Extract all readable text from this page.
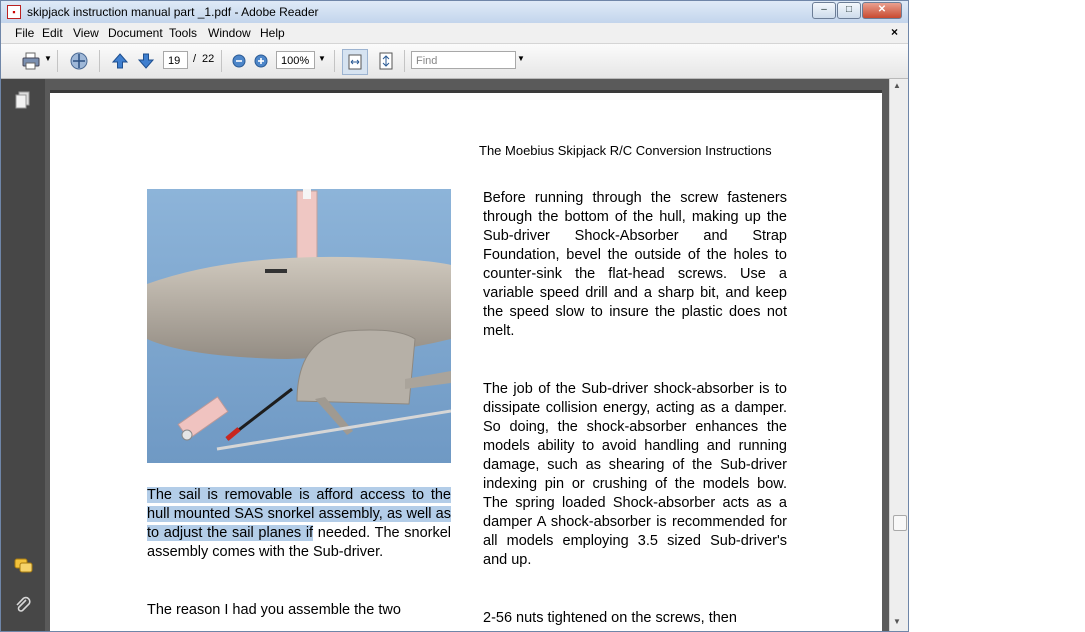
▪ skipjack instruction manual part _1.pdf - Adobe Reader	–	□	✕
File Edit View Document Tools Window Help	×
▼	19	/ 22	100%	▼	Find	▼
The Moebius Skipjack R/C Conversion Instructions

The sail is removable is afford access to the hull mounted SAS snorkel assembly, as well as to adjust the sail planes if needed. The snorkel assembly comes with the Sub-driver.

The reason I had you assemble the two

Before running through the screw fasteners through the bottom of the hull, making up the Sub-driver Shock-Absorber and Strap Foundation, bevel the outside of the holes to counter-sink the flat-head screws. Use a variable speed drill and a sharp bit, and keep the speed slow to insure the plastic does not melt.

The job of the Sub-driver shock-absorber is to dissipate collision energy, acting as a damper. So doing, the shock-absorber enhances the models ability to avoid handling and running damage, such as shearing of the Sub-driver indexing pin or crushing of the models bow. The spring loaded Shock-absorber acts as a damper A shock-absorber is recommended for all models employing 3.5 sized Sub-driver's and up.

2-56 nuts tightened on the screws, then

▲
▼
